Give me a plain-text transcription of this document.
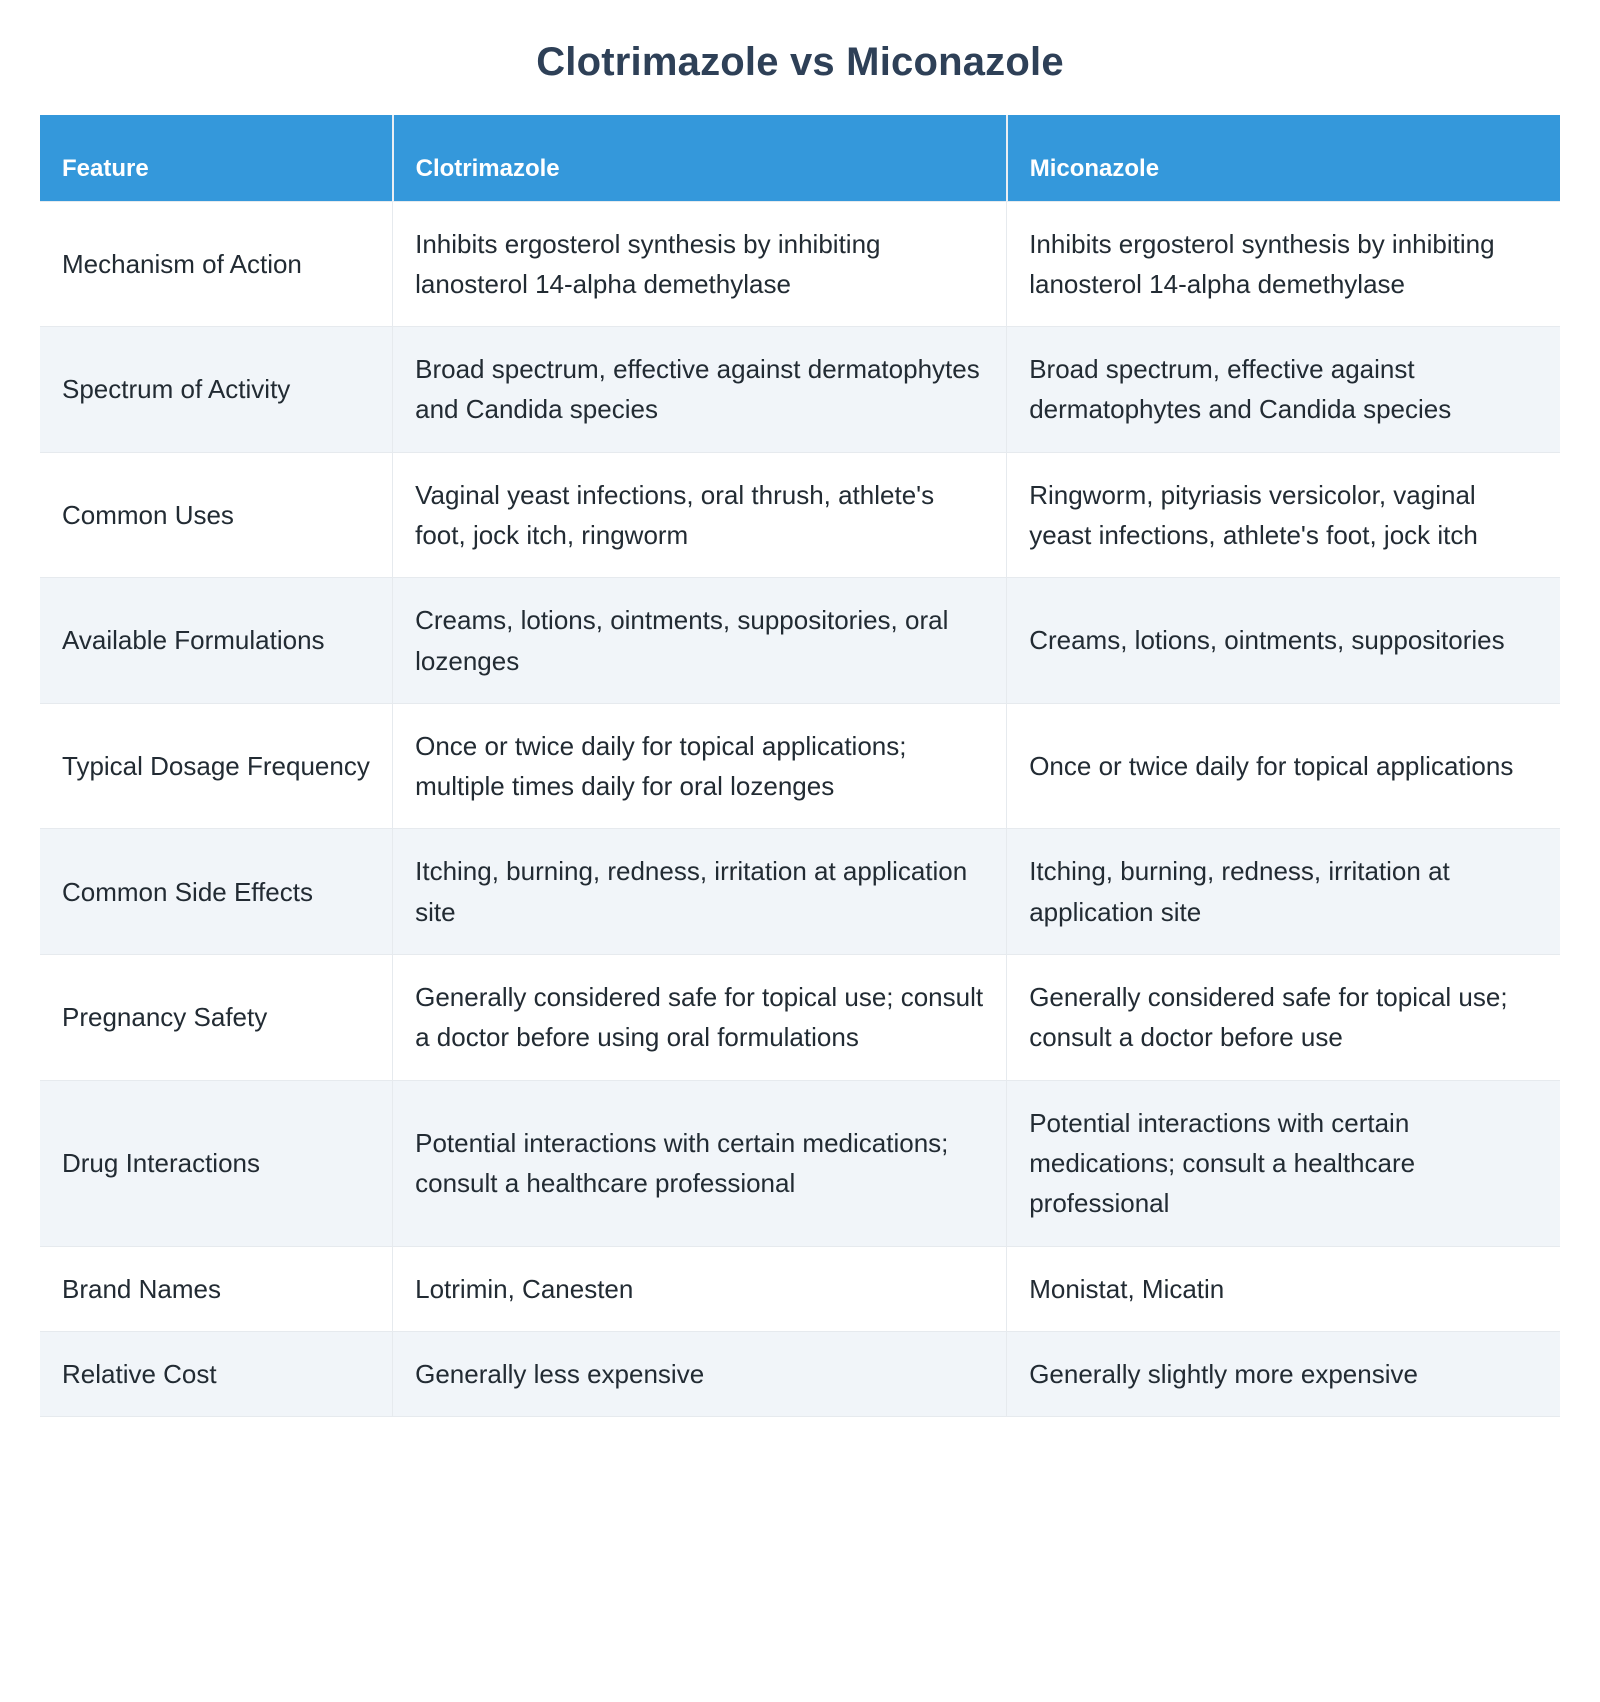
Clotrimazole vs Miconazole
Feature	Clotrimazole	Miconazole
Mechanism of Action	Inhibits ergosterol synthesis by inhibiting lanosterol 14-alpha demethylase	Inhibits ergosterol synthesis by inhibiting lanosterol 14-alpha demethylase
Spectrum of Activity	Broad spectrum, effective against dermatophytes and Candida species	Broad spectrum, effective against dermatophytes and Candida species
Common Uses	Vaginal yeast infections, oral thrush, athlete's foot, jock itch, ringworm	Ringworm, pityriasis versicolor, vaginal yeast infections, athlete's foot, jock itch
Available Formulations	Creams, lotions, ointments, suppositories, oral lozenges	Creams, lotions, ointments, suppositories
Typical Dosage Frequency	Once or twice daily for topical applications; multiple times daily for oral lozenges	Once or twice daily for topical applications
Common Side Effects	Itching, burning, redness, irritation at application site	Itching, burning, redness, irritation at application site
Pregnancy Safety	Generally considered safe for topical use; consult a doctor before using oral formulations	Generally considered safe for topical use; consult a doctor before use
Drug Interactions	Potential interactions with certain medications; consult a healthcare professional	Potential interactions with certain medications; consult a healthcare professional
Brand Names	Lotrimin, Canesten	Monistat, Micatin
Relative Cost	Generally less expensive	Generally slightly more expensive
